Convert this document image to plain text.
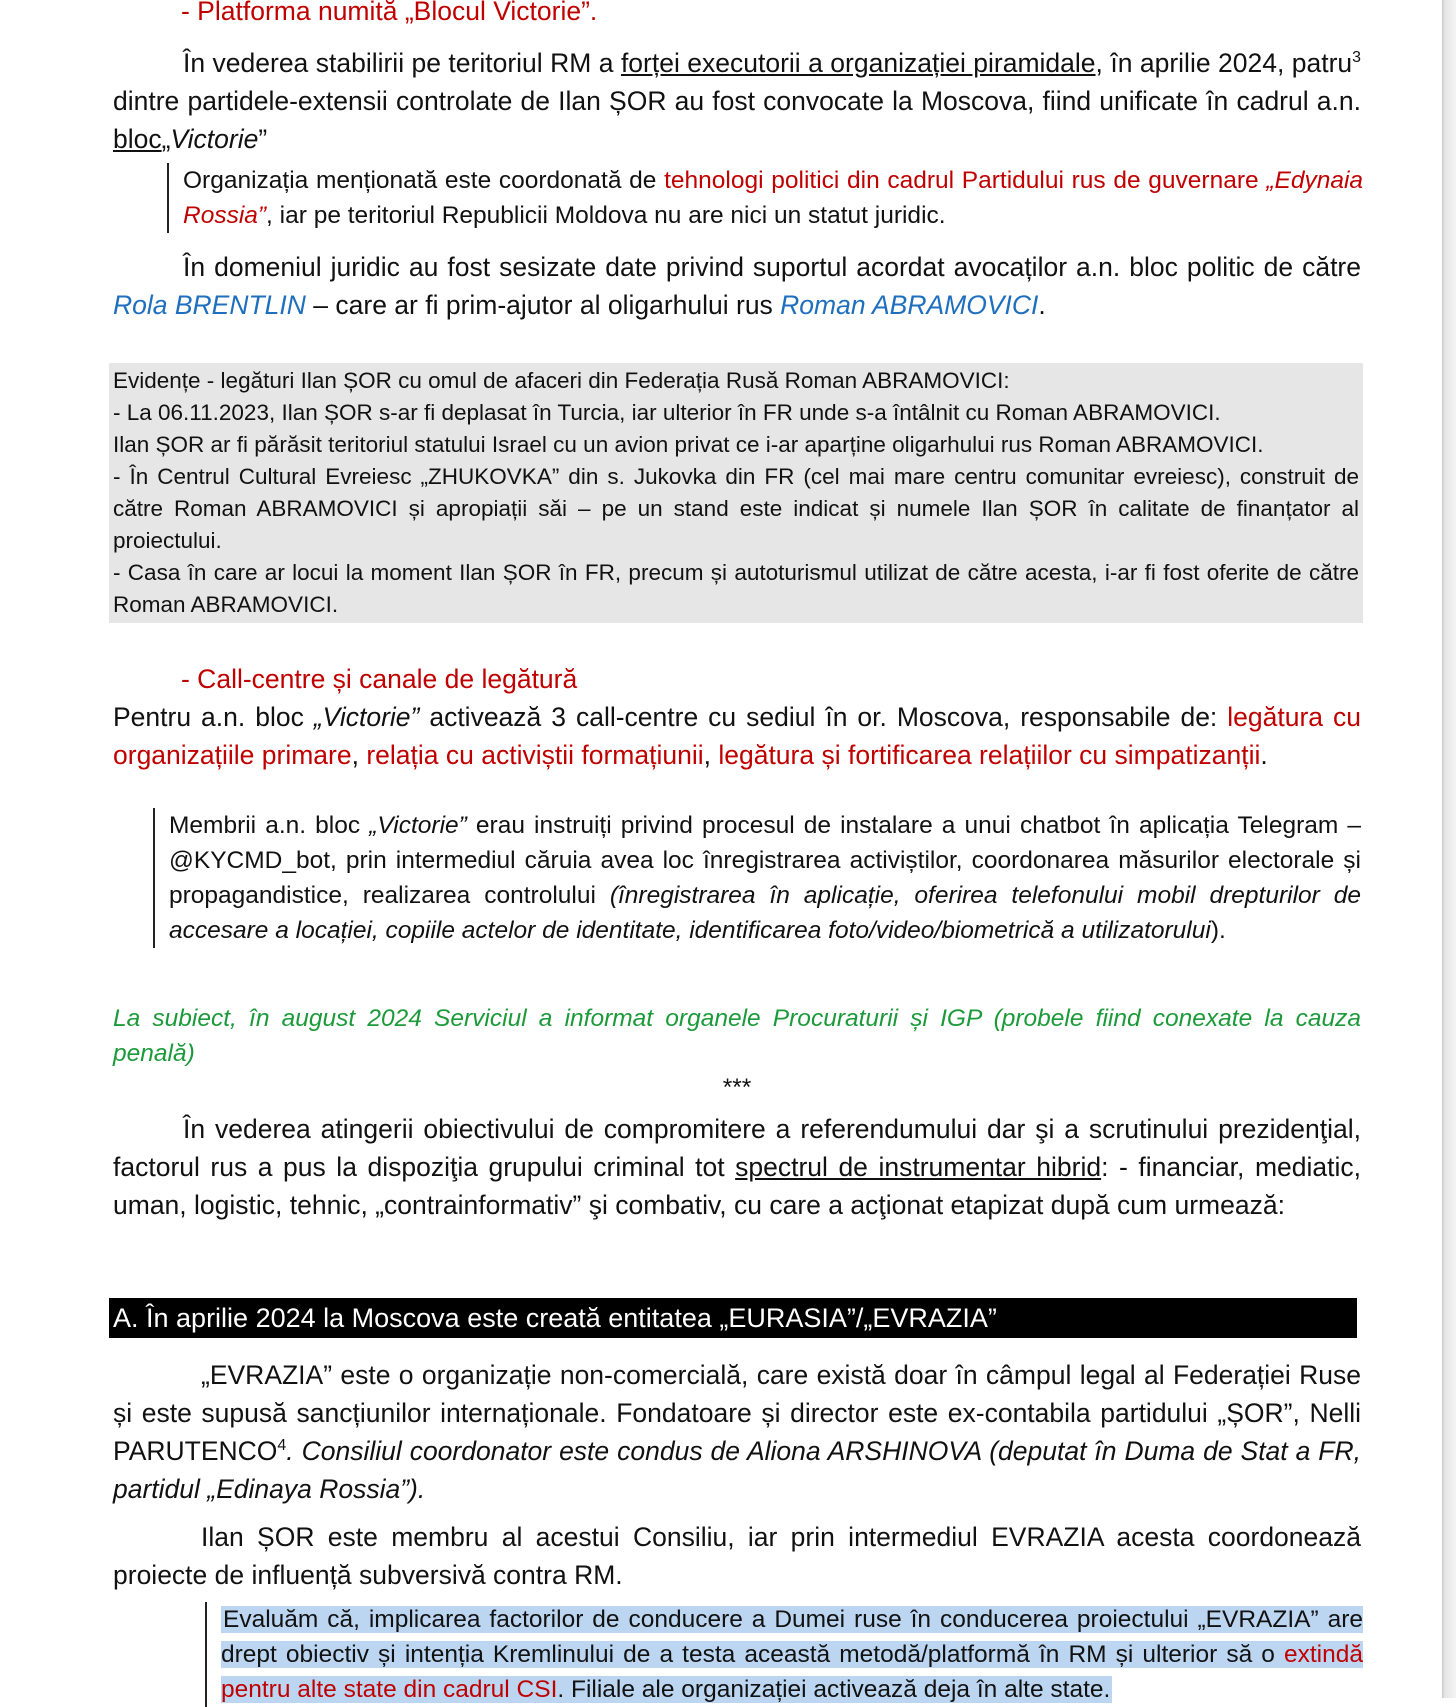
- Platforma numită „Blocul Victorie”.

În vederea stabilirii pe teritoriul RM a forței executorii a organizației piramidale, în aprilie 2024, patru$^3$ dintre partidele-extensii controlate de Ilan ȘOR au fost convocate la Moscova, fiind unificate în cadrul a.n. bloc„Victorie”

Organizația menționată este coordonată de tehnologi politici din cadrul Partidului rus de guvernare „Edynaia Rossia”, iar pe teritoriul Republicii Moldova nu are nici un statut juridic.

În domeniul juridic au fost sesizate date privind suportul acordat avocaților a.n. bloc politic de către Rola BRENTLIN – care ar fi prim-ajutor al oligarhului rus Roman ABRAMOVICI.

Evidențe - legături Ilan ȘOR cu omul de afaceri din Federația Rusă Roman ABRAMOVICI:

- La 06.11.2023, Ilan ȘOR s-ar fi deplasat în Turcia, iar ulterior în FR unde s-a întâlnit cu Roman ABRAMOVICI.

Ilan ȘOR ar fi părăsit teritoriul statului Israel cu un avion privat ce i-ar aparține oligarhului rus Roman ABRAMOVICI.

- În Centrul Cultural Evreiesc „ZHUKOVKA” din s. Jukovka din FR (cel mai mare centru comunitar evreiesc), construit de către Roman ABRAMOVICI și apropiații săi – pe un stand este indicat și numele Ilan ȘOR în calitate de finanțator al proiectului.

- Casa în care ar locui la moment Ilan ȘOR în FR, precum și autoturismul utilizat de către acesta, i-ar fi fost oferite de către Roman ABRAMOVICI.

- Call-centre și canale de legătură

Pentru a.n. bloc „Victorie” activează 3 call-centre cu sediul în or. Moscova, responsabile de: legătura cu organizațiile primare, relația cu activiștii formațiunii, legătura și fortificarea relațiilor cu simpatizanții.

Membrii a.n. bloc „Victorie” erau instruiți privind procesul de instalare a unui chatbot în aplicația Telegram – @KYCMD_bot, prin intermediul căruia avea loc înregistrarea activiștilor, coordonarea măsurilor electorale și propagandistice, realizarea controlului (înregistrarea în aplicație, oferirea telefonului mobil drepturilor de accesare a locației, copiile actelor de identitate, identificarea foto/video/biometrică a utilizatorului).

La subiect, în august 2024 Serviciul a informat organele Procuraturii și IGP (probele fiind conexate la cauza penală)

***

În vederea atingerii obiectivului de compromitere a referendumului dar şi a scrutinului prezidenţial, factorul rus a pus la dispoziţia grupului criminal tot spectrul de instrumentar hibrid: - financiar, mediatic, uman, logistic, tehnic, „contrainformativ” şi combativ, cu care a acţionat etapizat după cum urmează:

A. În aprilie 2024 la Moscova este creată entitatea „EURASIA”/„EVRAZIA”

„EVRAZIA” este o organizație non-comercială, care există doar în câmpul legal al Federației Ruse și este supusă sancțiunilor internaționale. Fondatoare și director este ex-contabila partidului „ȘOR”, Nelli PARUTENCO$^4$. Consiliul coordonator este condus de Aliona ARSHINOVA (deputat în Duma de Stat a FR, partidul „Edinaya Rossia”).

Ilan ȘOR este membru al acestui Consiliu, iar prin intermediul EVRAZIA acesta coordonează proiecte de influență subversivă contra RM.

Evaluăm că, implicarea factorilor de conducere a Dumei ruse în conducerea proiectului „EVRAZIA” are drept obiectiv și intenția Kremlinului de a testa această metodă/platformă în RM și ulterior să o extindă pentru alte state din cadrul CSI. Filiale ale organizației activează deja în alte state.
